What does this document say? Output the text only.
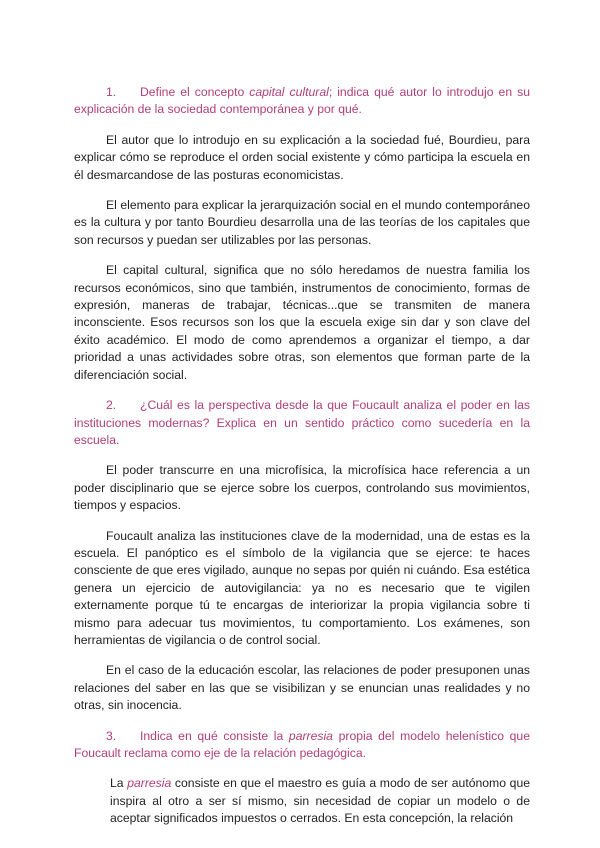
1. Define el concepto capital cultural; indica qué autor lo introdujo en su explicación de la sociedad contemporánea y por qué.

El autor que lo introdujo en su explicación a la sociedad fué, Bourdieu, para explicar cómo se reproduce el orden social existente y cómo participa la escuela en él desmarcandose de las posturas economicistas.

El elemento para explicar la jerarquización social en el mundo contemporáneo es la cultura y por tanto Bourdieu desarrolla una de las teorías de los capitales que son recursos y puedan ser utilizables por las personas.

El capital cultural, significa que no sólo heredamos de nuestra familia los recursos económicos, sino que también, instrumentos de conocimiento, formas de expresión, maneras de trabajar, técnicas...que se transmiten de manera inconsciente. Esos recursos son los que la escuela exige sin dar y son clave del éxito académico. El modo de como aprendemos a organizar el tiempo, a dar prioridad a unas actividades sobre otras, son elementos que forman parte de la diferenciación social.

2. ¿Cuál es la perspectiva desde la que Foucault analiza el poder en las instituciones modernas? Explica en un sentido práctico como sucedería en la escuela.

El poder transcurre en una microfísica, la microfísica hace referencia a un poder disciplinario que se ejerce sobre los cuerpos, controlando sus movimientos, tiempos y espacios.

Foucault analiza las instituciones clave de la modernidad, una de estas es la escuela. El panóptico es el símbolo de la vigilancia que se ejerce: te haces consciente de que eres vigilado, aunque no sepas por quién ni cuándo. Esa estética genera un ejercicio de autovigilancia: ya no es necesario que te vigilen externamente porque tú te encargas de interiorizar la propia vigilancia sobre ti mismo para adecuar tus movimientos, tu comportamiento. Los exámenes, son herramientas de vigilancia o de control social.

En el caso de la educación escolar, las relaciones de poder presuponen unas relaciones del saber en las que se visibilizan y se enuncian unas realidades y no otras, sin inocencia.

3. Indica en qué consiste la parresia propia del modelo helenístico que Foucault reclama como eje de la relación pedagógica.

La parresia consiste en que el maestro es guía a modo de ser autónomo que inspira al otro a ser sí mismo, sin necesidad de copiar un modelo o de aceptar significados impuestos o cerrados. En esta concepción, la relación
